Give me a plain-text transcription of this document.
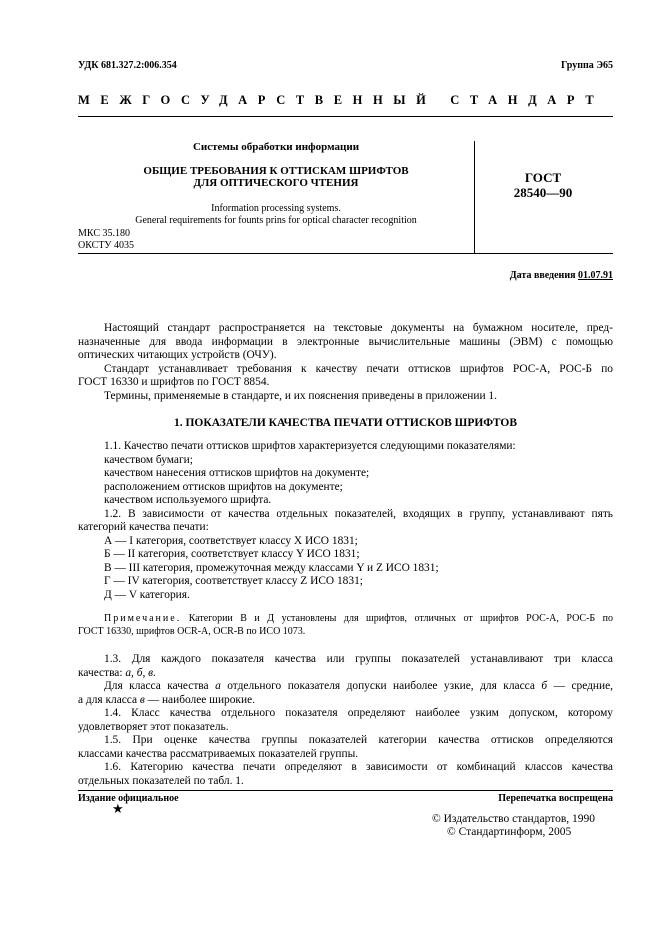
УДК 681.327.2:006.354	Группа Э65
МЕЖГОСУДАРСТВЕННЫЙ СТАНДАРТ
Системы обработки информации
ОБЩИЕ ТРЕБОВАНИЯ К ОТТИСКАМ ШРИФТОВ
ДЛЯ ОПТИЧЕСКОГО ЧТЕНИЯ	ГОСТ
28540—90
Information processing systems.
General requirements for founts prins for optical character recognition
МКС 35.180
ОКСТУ 4035
Дата введения 01.07.91

Настоящий стандарт распространяется на текстовые документы на бумажном носителе, пред-

назначенные для ввода информации в электронные вычислительные машины (ЭВМ) с помощью

оптических читающих устройств (ОЧУ).

Стандарт устанавливает требования к качеству печати оттисков шрифтов РОС-А, РОС-Б по

ГОСТ 16330 и шрифтов по ГОСТ 8854.

Термины, применяемые в стандарте, и их пояснения приведены в приложении 1.

1. ПОКАЗАТЕЛИ КАЧЕСТВА ПЕЧАТИ ОТТИСКОВ ШРИФТОВ

1.1. Качество печати оттисков шрифтов характеризуется следующими показателями:

качеством бумаги;
качеством нанесения оттисков шрифтов на документе;
расположением оттисков шрифтов на документе;
качеством используемого шрифта.

1.2. В зависимости от качества отдельных показателей, входящих в группу, устанавливают пять

категорий качества печати:

А — I категория, соответствует классу X ИСО 1831;
Б — II категория, соответствует классу Y ИСО 1831;
В — III категория, промежуточная между классами Y и Z ИСО 1831;
Г — IV категория, соответствует классу Z ИСО 1831;
Д — V категория.

Примечание. Категории В и Д установлены для шрифтов, отличных от шрифтов РОС-А, РОС-Б по

ГОСТ 16330, шрифтов OCR-A, OCR-B по ИСО 1073.

1.3. Для каждого показателя качества или группы показателей устанавливают три класса

качества: а, б, в.

Для класса качества а отдельного показателя допуски наиболее узкие, для класса б — средние,

а для класса в — наиболее широкие.

1.4. Класс качества отдельного показателя определяют наиболее узким допуском, которому

удовлетворяет этот показатель.

1.5. При оценке качества группы показателей категории качества оттисков определяются

классами качества рассматриваемых показателей группы.

1.6. Категорию качества печати определяют в зависимости от комбинаций классов качества

отдельных показателей по табл. 1.

Издание официальное	Перепечатка воспрещена
★
© Издательство стандартов, 1990
© Стандартинформ, 2005
